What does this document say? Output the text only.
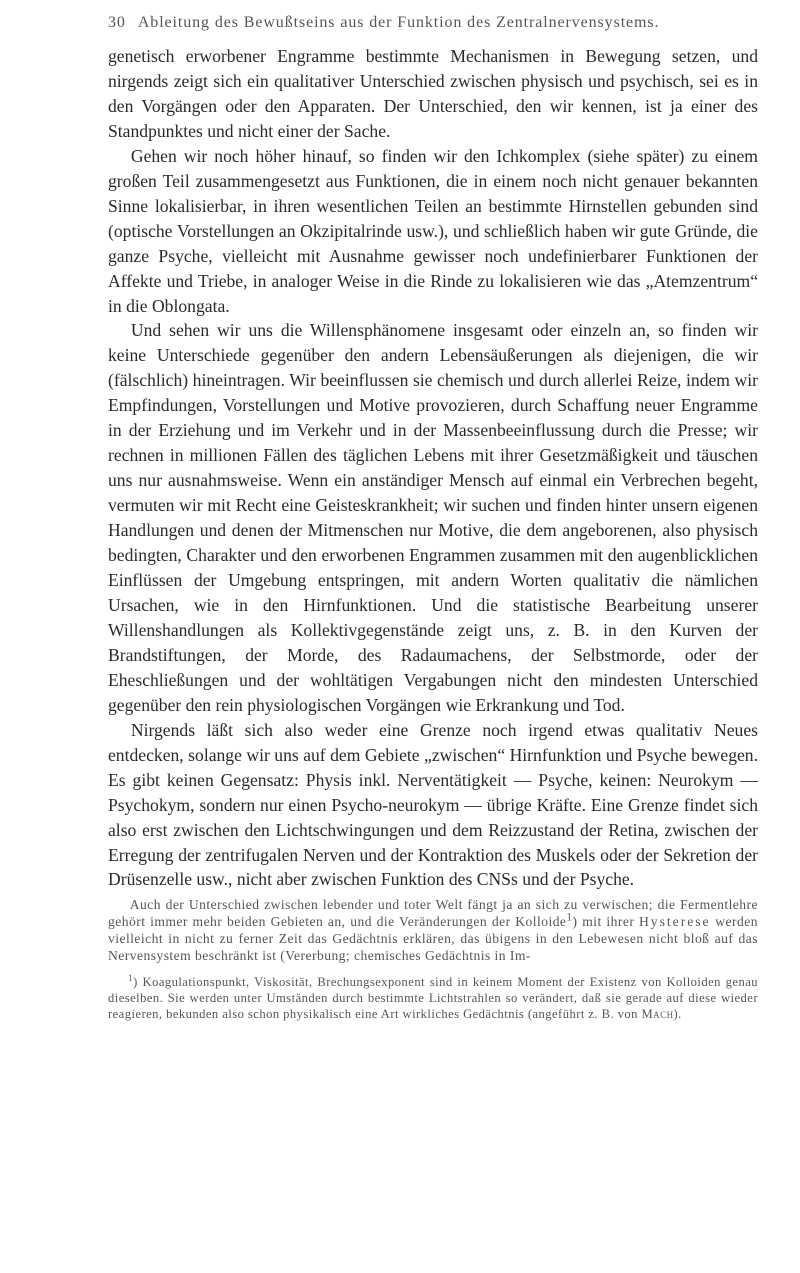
30 Ableitung des Bewußtseins aus der Funktion des Zentralnervensystems.

genetisch erworbener Engramme bestimmte Mechanismen in Bewegung setzen, und nirgends zeigt sich ein qualitativer Unterschied zwischen physisch und psychisch, sei es in den Vorgängen oder den Apparaten. Der Unterschied, den wir kennen, ist ja einer des Standpunktes und nicht einer der Sache.

Gehen wir noch höher hinauf, so finden wir den Ichkomplex (siehe später) zu einem großen Teil zusammengesetzt aus Funktionen, die in einem noch nicht genauer bekannten Sinne lokalisierbar, in ihren wesentlichen Teilen an bestimmte Hirnstellen gebunden sind (optische Vorstellungen an Okzipitalrinde usw.), und schließlich haben wir gute Gründe, die ganze Psyche, vielleicht mit Ausnahme gewisser noch undefinierbarer Funktionen der Affekte und Triebe, in analoger Weise in die Rinde zu lokalisieren wie das „Atemzentrum“ in die Oblongata.

Und sehen wir uns die Willensphänomene insgesamt oder einzeln an, so finden wir keine Unterschiede gegenüber den andern Lebensäußerungen als diejenigen, die wir (fälschlich) hineintragen. Wir beeinflussen sie chemisch und durch allerlei Reize, indem wir Empfindungen, Vorstellungen und Motive provozieren, durch Schaffung neuer Engramme in der Erziehung und im Verkehr und in der Massenbeeinflussung durch die Presse; wir rechnen in millionen Fällen des täglichen Lebens mit ihrer Gesetzmäßigkeit und täuschen uns nur ausnahmsweise. Wenn ein anständiger Mensch auf einmal ein Verbrechen begeht, vermuten wir mit Recht eine Geisteskrankheit; wir suchen und finden hinter unsern eigenen Handlungen und denen der Mitmenschen nur Motive, die dem angeborenen, also physisch bedingten, Charakter und den erworbenen Engrammen zusammen mit den augenblicklichen Einflüssen der Umgebung entspringen, mit andern Worten qualitativ die nämlichen Ursachen, wie in den Hirnfunktionen. Und die statistische Bearbeitung unserer Willenshandlungen als Kollektivgegenstände zeigt uns, z. B. in den Kurven der Brandstiftungen, der Morde, des Radaumachens, der Selbstmorde, oder der Eheschließungen und der wohltätigen Vergabungen nicht den mindesten Unterschied gegenüber den rein physiologischen Vorgängen wie Erkrankung und Tod.

Nirgends läßt sich also weder eine Grenze noch irgend etwas qualitativ Neues entdecken, solange wir uns auf dem Gebiete „zwischen“ Hirnfunktion und Psyche bewegen. Es gibt keinen Gegensatz: Physis inkl. Nerventätigkeit — Psyche, keinen: Neurokym — Psychokym, sondern nur einen Psycho-neurokym — übrige Kräfte. Eine Grenze findet sich also erst zwischen den Lichtschwingungen und dem Reizzustand der Retina, zwischen der Erregung der zentrifugalen Nerven und der Kontraktion des Muskels oder der Sekretion der Drüsenzelle usw., nicht aber zwischen Funktion des CNSs und der Psyche.

Auch der Unterschied zwischen lebender und toter Welt fängt ja an sich zu verwischen; die Fermentlehre gehört immer mehr beiden Gebieten an, und die Veränderungen der Kolloide$^1$) mit ihrer Hysterese werden vielleicht in nicht zu ferner Zeit das Gedächtnis erklären, das übigens in den Lebewesen nicht bloß auf das Nervensystem beschränkt ist (Vererbung; chemisches Gedächtnis in Im-

$^1$) Koagulationspunkt, Viskosität, Brechungsexponent sind in keinem Moment der Existenz von Kolloiden genau dieselben. Sie werden unter Umständen durch bestimmte Lichtstrahlen so verändert, daß sie gerade auf diese wieder reagieren, bekunden also schon physikalisch eine Art wirkliches Gedächtnis (angeführt z. B. von Mach).
